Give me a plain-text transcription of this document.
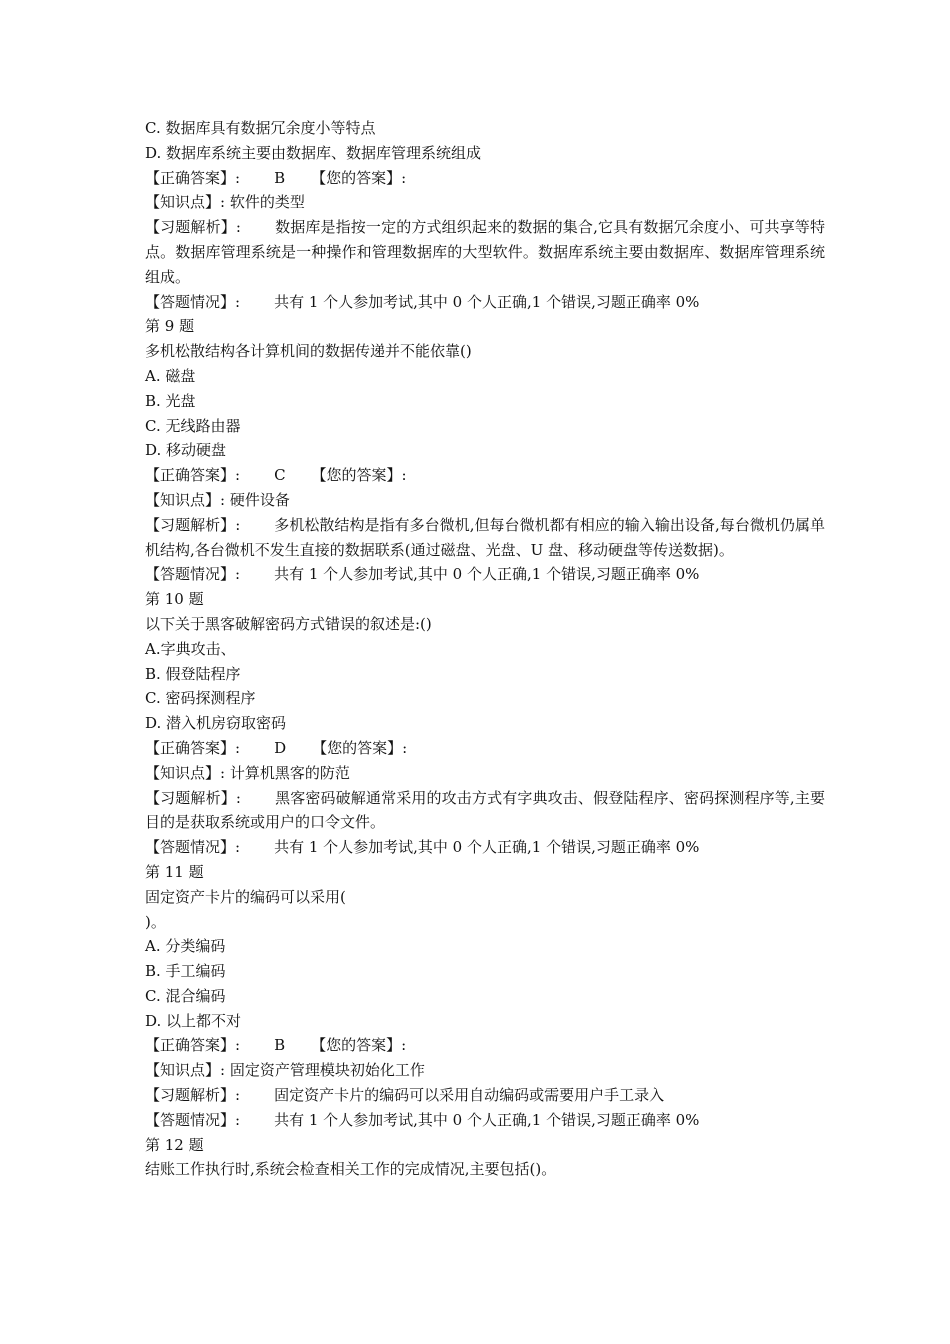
C. 数据库具有数据冗余度小等特点
D. 数据库系统主要由数据库、数据库管理系统组成
【正确答案】: B 【您的答案】:
【知识点】: 软件的类型
【习题解析】: 数据库是指按一定的方式组织起来的数据的集合,它具有数据冗余度小、可共享等特点。数据库管理系统是一种操作和管理数据库的大型软件。数据库系统主要由数据库、数据库管理系统组成。
【答题情况】: 共有 1 个人参加考试,其中 0 个人正确,1 个错误,习题正确率 0%
第 9 题
多机松散结构各计算机间的数据传递并不能依靠()
A. 磁盘
B. 光盘
C. 无线路由器
D. 移动硬盘
【正确答案】: C 【您的答案】:
【知识点】: 硬件设备
【习题解析】: 多机松散结构是指有多台微机,但每台微机都有相应的输入输出设备,每台微机仍属单机结构,各台微机不发生直接的数据联系(通过磁盘、光盘、U 盘、移动硬盘等传送数据)。
【答题情况】: 共有 1 个人参加考试,其中 0 个人正确,1 个错误,习题正确率 0%
第 10 题
以下关于黑客破解密码方式错误的叙述是:()
A.字典攻击、
B. 假登陆程序
C. 密码探测程序
D. 潜入机房窃取密码
【正确答案】: D 【您的答案】:
【知识点】: 计算机黑客的防范
【习题解析】: 黑客密码破解通常采用的攻击方式有字典攻击、假登陆程序、密码探测程序等,主要目的是获取系统或用户的口令文件。
【答题情况】: 共有 1 个人参加考试,其中 0 个人正确,1 个错误,习题正确率 0%
第 11 题
固定资产卡片的编码可以采用(
)。
A. 分类编码
B. 手工编码
C. 混合编码
D. 以上都不对
【正确答案】: B 【您的答案】:
【知识点】: 固定资产管理模块初始化工作
【习题解析】: 固定资产卡片的编码可以采用自动编码或需要用户手工录入
【答题情况】: 共有 1 个人参加考试,其中 0 个人正确,1 个错误,习题正确率 0%
第 12 题
结账工作执行时,系统会检查相关工作的完成情况,主要包括()。
